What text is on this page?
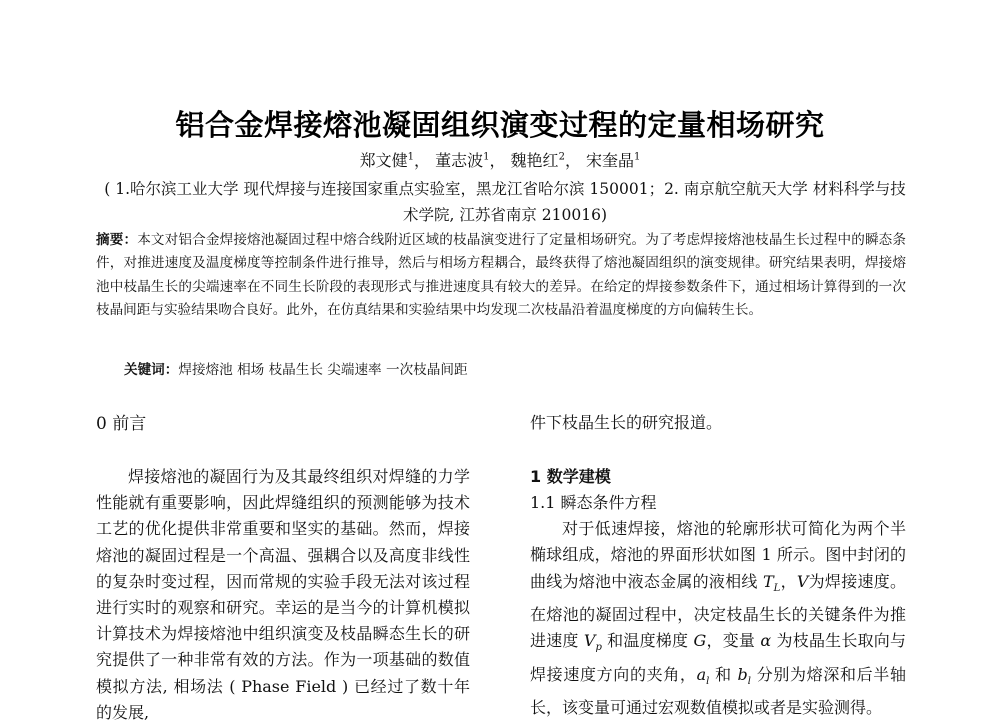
铝合金焊接熔池凝固组织演变过程的定量相场研究
郑文健$^1$， 董志波$^1$， 魏艳红$^2$， 宋奎晶$^1$
( 1.哈尔滨工业大学 现代焊接与连接国家重点实验室，黑龙江省哈尔滨 150001；2. 南京航空航天大学 材料科学与技术学院, 江苏省南京 210016)
摘要：本文对铝合金焊接熔池凝固过程中熔合线附近区域的枝晶演变进行了定量相场研究。为了考虑焊接熔池枝晶生长过程中的瞬态条件，对推进速度及温度梯度等控制条件进行推导，然后与相场方程耦合，最终获得了熔池凝固组织的演变规律。研究结果表明，焊接熔池中枝晶生长的尖端速率在不同生长阶段的表现形式与推进速度具有较大的差异。在给定的焊接参数条件下，通过相场计算得到的一次枝晶间距与实验结果吻合良好。此外，在仿真结果和实验结果中均发现二次枝晶沿着温度梯度的方向偏转生长。
关键词：焊接熔池 相场 枝晶生长 尖端速率 一次枝晶间距

0 前言

焊接熔池的凝固行为及其最终组织对焊缝的力学性能就有重要影响，因此焊缝组织的预测能够为技术工艺的优化提供非常重要和坚实的基础。然而，焊接熔池的凝固过程是一个高温、强耦合以及高度非线性的复杂时变过程，因而常规的实验手段无法对该过程进行实时的观察和研究。幸运的是当今的计算机模拟计算技术为焊接熔池中组织演变及枝晶瞬态生长的研究提供了一种非常有效的方法。作为一项基础的数值模拟方法, 相场法 ( Phase Field ) 已经过了数十年的发展,

件下枝晶生长的研究报道。

1 数学建模

1.1 瞬态条件方程

对于低速焊接，熔池的轮廓形状可简化为两个半椭球组成，熔池的界面形状如图 1 所示。图中封闭的曲线为熔池中液态金属的液相线 $T_L$，V为焊接速度。在熔池的凝固过程中，决定枝晶生长的关键条件为推进速度 $V_p$ 和温度梯度 G，变量 α 为枝晶生长取向与焊接速度方向的夹角，$a_l$ 和 $b_l$ 分别为熔深和后半轴长，该变量可通过宏观数值模拟或者是实验测得。
